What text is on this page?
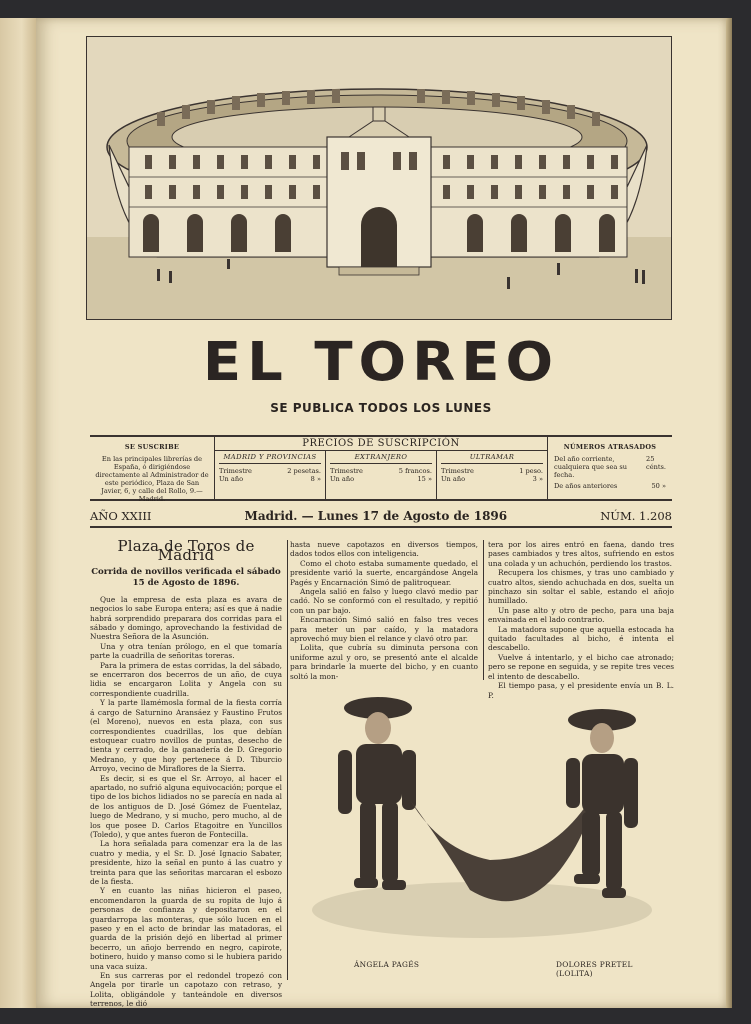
EL TOREO
SE PUBLICA TODOS LOS LUNES
SE SUSCRIBE
En las principales librerías de España, ó dirigiéndose directamente al Administrador de este periódico, Plaza de San Javier, 6, y calle del Rollo, 9.—Madrid.
PRECIOS DE SUSCRIPCIÓN
MADRID Y PROVINCIAS
Trimestre	2 pesetas.
Un año	8 »
EXTRANJERO
Trimestre	5 francos.
Un año	15 »
ULTRAMAR
Trimestre	1 peso.
Un año	3 »
NÚMEROS ATRASADOS
Del año corriente, cualquiera que sea su fecha.
25 cénts.
De años anteriores	50 »
AÑO XXIII	Madrid. — Lunes 17 de Agosto de 1896	NÚM. 1.208
Plaza de Toros de Madrid
Corrida de novillos verificada el sábado 15 de Agosto de 1896.

Que la empresa de esta plaza es avara de negocios lo sabe Europa entera; así es que á nadie habrá sorprendido preparara dos corridas para el sábado y domingo, aprovechando la festividad de Nuestra Señora de la Asunción.

Una y otra tenían prólogo, en el que tomaría parte la cuadrilla de señoritas toreras.

Para la primera de estas corridas, la del sábado, se encerraron dos becerros de un año, de cuya lidia se encargaron Lolita y Angela con su correspondiente cuadrilla.

Y la parte llamémosla formal de la fiesta corría á cargo de Saturnino Aransáez y Faustino Frutos (el Moreno), nuevos en esta plaza, con sus correspondientes cuadrillas, los que debían estoquear cuatro novillos de puntas, desecho de tienta y cerrado, de la ganadería de D. Gregorio Medrano, y que hoy pertenece á D. Tiburcio Arroyo, vecino de Miraflores de la Sierra.

Es decir, si es que el Sr. Arroyo, al hacer el apartado, no sufrió alguna equivocación; porque el tipo de los bichos lidiados no se parecía en nada al de los antiguos de D. José Gómez de Fuentelaz, luego de Medrano, y si mucho, pero mucho, al de los que posee D. Carlos Etagoitre en Yuncillos (Toledo), y que antes fueron de Fontecilla.

La hora señalada para comenzar era la de las cuatro y media, y el Sr. D. José Ignacio Sabater, presidente, hizo la señal en punto á las cuatro y treinta para que las señoritas marcaran el esbozo de la fiesta.

Y en cuanto las niñas hicieron el paseo, encomendaron la guarda de su ropita de lujo á personas de confianza y depositaron en el guardarropa las monteras, que sólo lucen en el paseo y en el acto de brindar las matadoras, el guarda de la prisión dejó en libertad al primer becerro, un añojo berrendo en negro, capirote, botinero, huido y manso como si le hubiera parido una vaca suiza.

En sus carreras por el redondel tropezó con Angela por tirarle un capotazo con retraso, y Lolita, obligándole y tanteándole en diversos terrenos, le dió

hasta nueve capotazos en diversos tiempos, dados todos ellos con inteligencia.

Como el choto estaba sumamente quedado, el presidente varió la suerte, encargándose Angela Pagés y Encarnación Simó de palitroquear.

Angela salió en falso y luego clavó medio par cadó. No se conformó con el resultado, y repitió con un par bajo.

Encarnación Simó salió en falso tres veces para meter un par caído, y la matadora aprovechó muy bien el relance y clavó otro par.

Lolita, que cubría su diminuta persona con uniforme azul y oro, se presentó ante el alcalde para brindarle la muerte del bicho, y en cuanto soltó la mon-

tera por los aires entró en faena, dando tres pases cambiados y tres altos, sufriendo en estos una colada y un achuchón, perdiendo los trastos.

Recupera los chismes, y tras uno cambiado y cuatro altos, siendo achuchada en dos, suelta un pinchazo sin soltar el sable, estando el añojo humillado.

Un pase alto y otro de pecho, para una baja envainada en el lado contrario.

La matadora supone que aquella estocada ha quitado facultades al bicho, é intenta el descabello.

Vuelve á intentarlo, y el bicho cae atronado; pero se repone en seguida, y se repite tres veces el intento de descabello.

El tiempo pasa, y el presidente envía un B. L. P.

ÁNGELA PAGÉS	DOLORES PRETEL (LOLITA)
